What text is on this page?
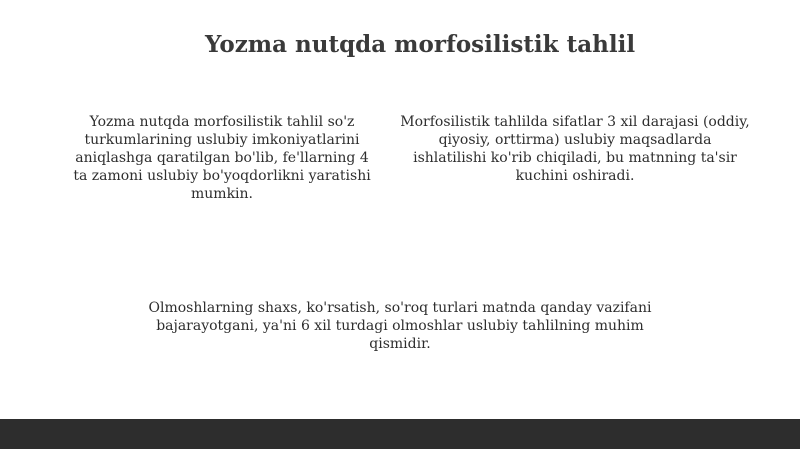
Yozma nutqda morfosilistik tahlil

Yozma nutqda morfosilistik tahlil so'z turkumlarining uslubiy imkoniyatlarini aniqlashga qaratilgan bo'lib, fe'llarning 4 ta zamoni uslubiy bo'yoqdorlikni yaratishi mumkin.

Morfosilistik tahlilda sifatlar 3 xil darajasi (oddiy, qiyosiy, orttirma) uslubiy maqsadlarda ishlatilishi ko'rib chiqiladi, bu matnning ta'sir kuchini oshiradi.

Olmoshlarning shaxs, ko'rsatish, so'roq turlari matnda qanday vazifani bajarayotgani, ya'ni 6 xil turdagi olmoshlar uslubiy tahlilning muhim qismidir.
